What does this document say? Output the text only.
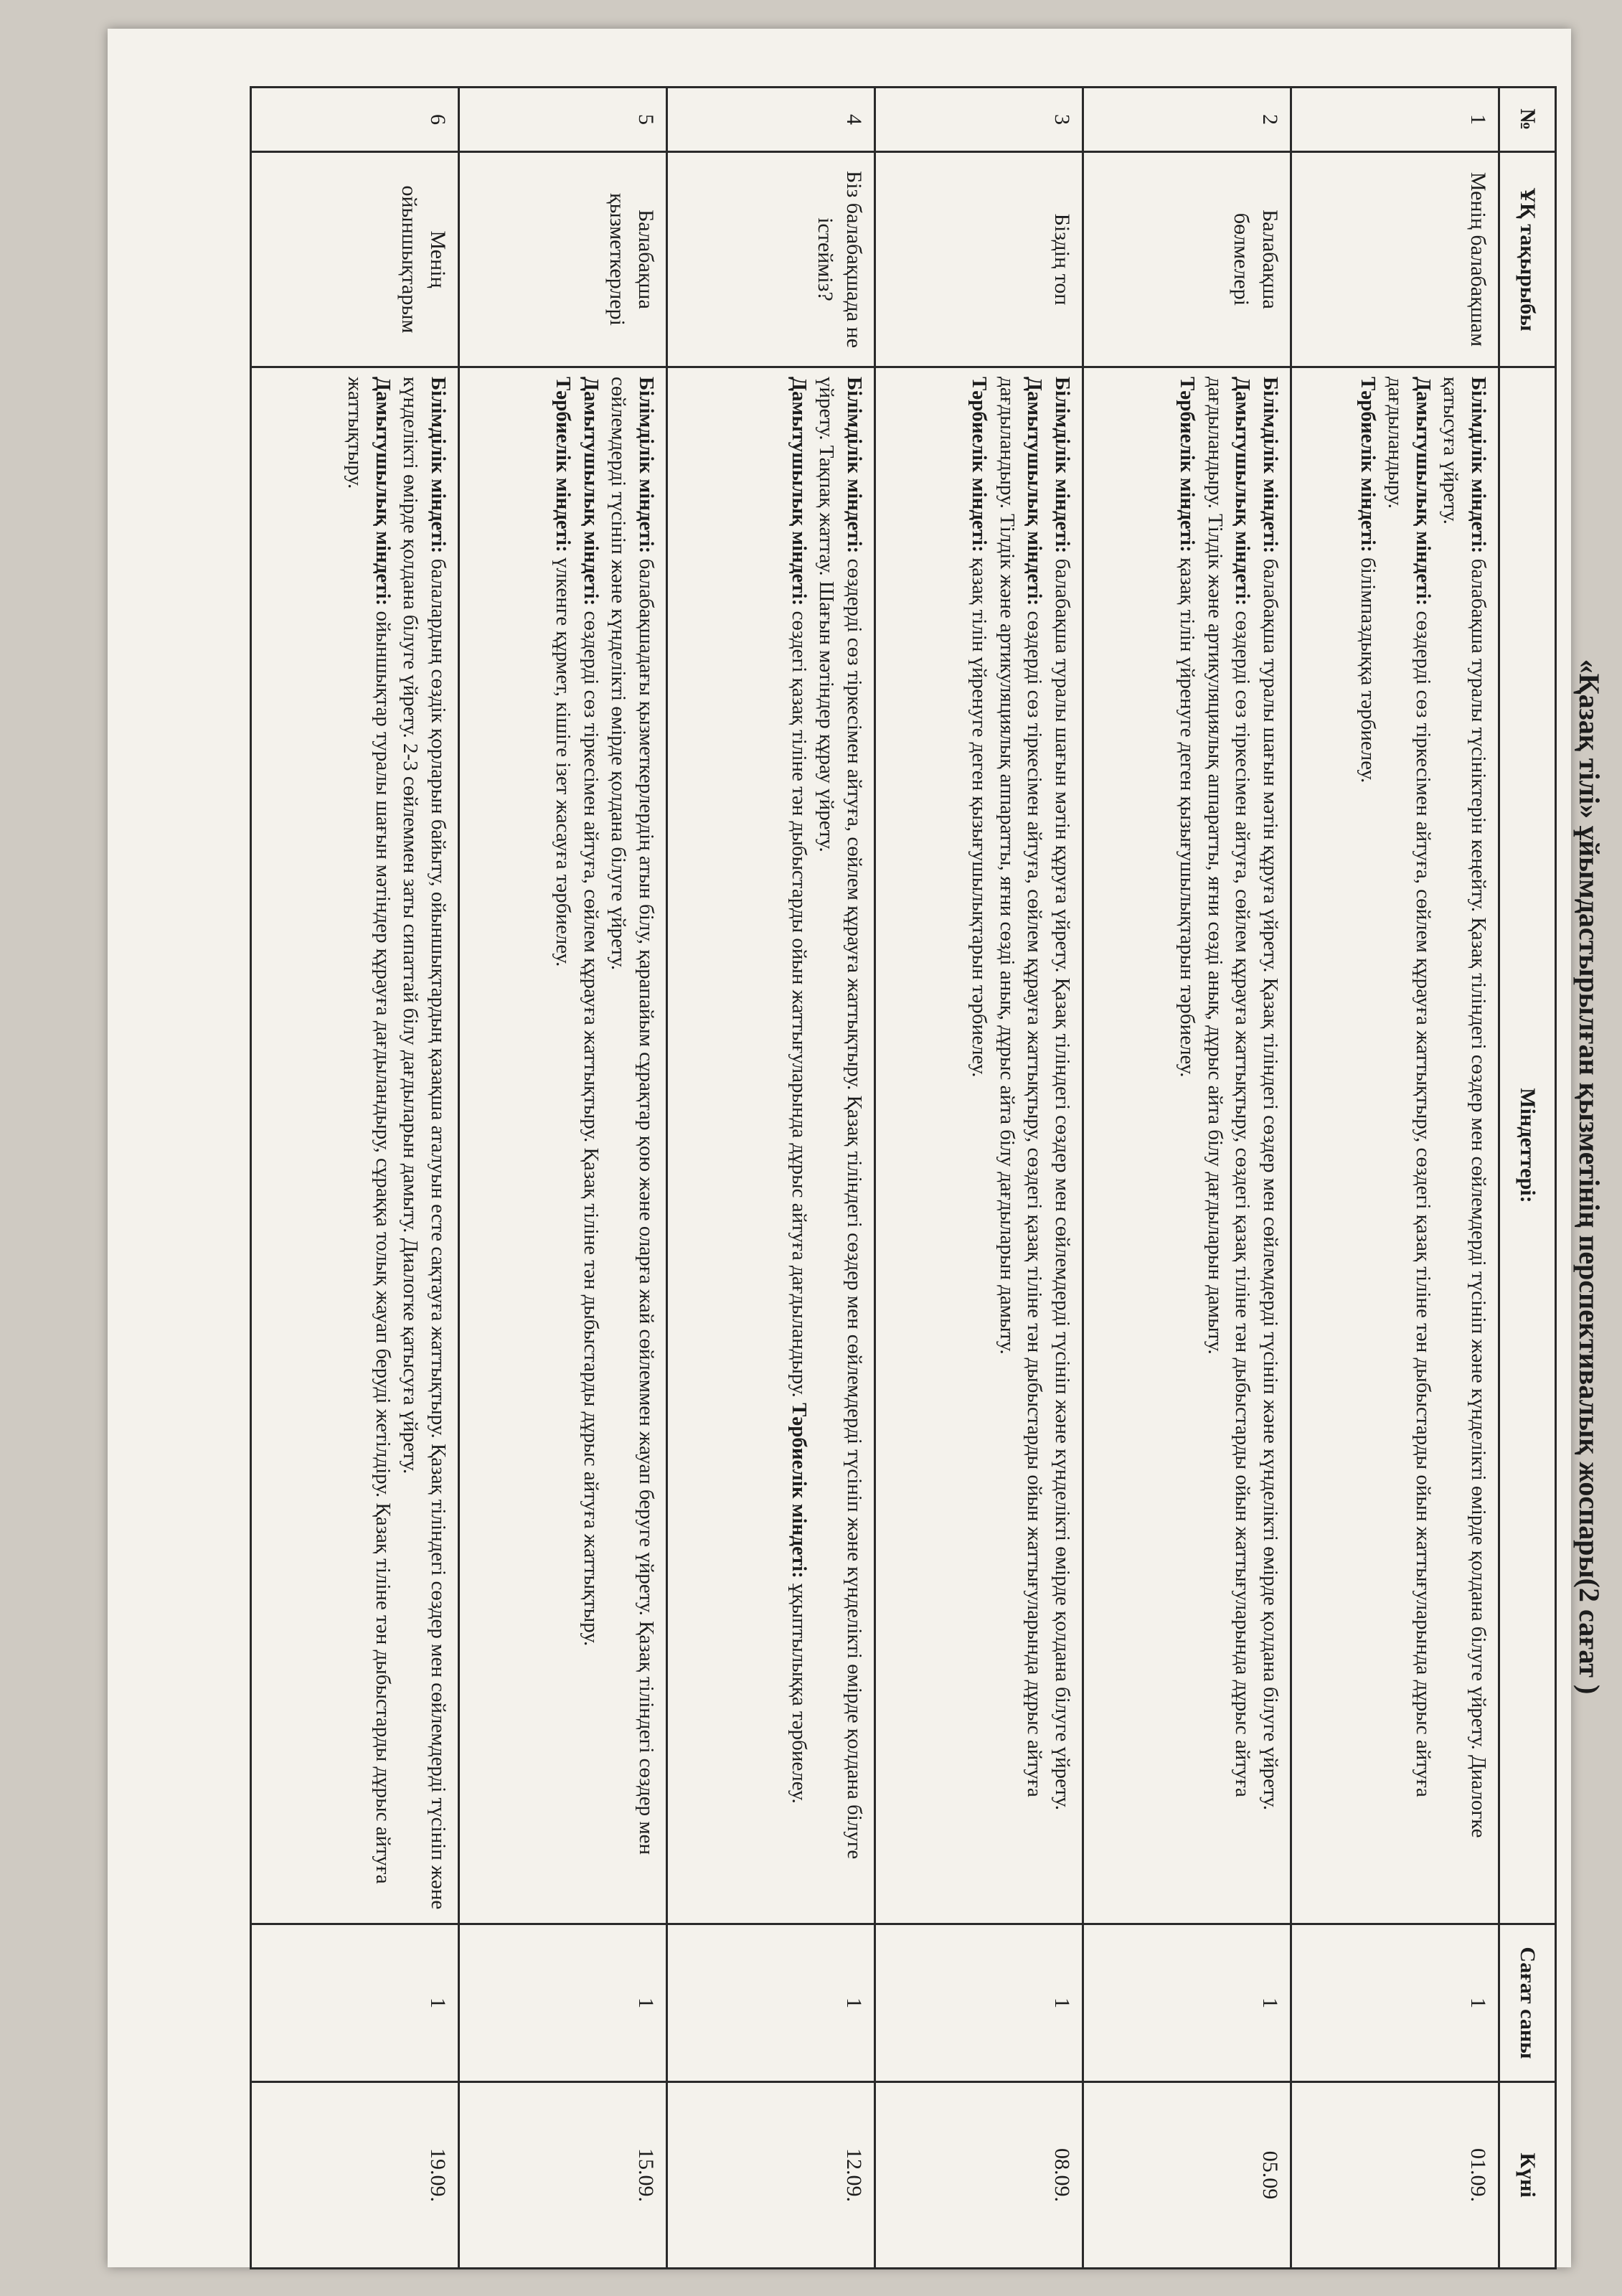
«Қазақ тілі» ұйымдастырылған қызметінің перспективалық жоспары(2 сағат )
№	ҰҚ тақырыбы	Міндеттері:	Сағат саны	Күні
1	Менің балабақшам	Білімділік міндеті: балабақша туралы түсініктерін кеңейту. Қазақ тіліндегі сөздер мен сөйлемдерді түсініп және күнделікті өмірде қолдана білуге үйрету. Диалогке қатысуға үйрету.

Дамытушылық міндеті: сөздерді сөз тіркесімен айтуға, сөйлем құрауға жаттықтыру, сөздегі қазақ тіліне тән дыбыстарды ойын жаттығуларында дұрыс айтуға дағдыландыру.

Тәрбиелік міндеті: білімпаздыққа тәрбиелеу.	1	01.09.
2	Балабақша бөлмелері	Білімділік міндеті: балабақша туралы шағын мәтін құруға үйрету. Қазақ тіліндегі сөздер мен сөйлемдерді түсініп және күнделікті өмірде қолдана білуге үйрету.

Дамытушылық міндеті: сөздерді сөз тіркесімен айтуға, сөйлем құрауға жаттықтыру, сөздегі қазақ тіліне тән дыбыстарды ойын жаттығуларында дұрыс айтуға дағдыландыру. Тілдік және артикуляциялық аппаратты, яғни сөзді анық, дұрыс айта білу дағдыларын дамыту.

Тәрбиелік міндеті: қазақ тілін үйренуге деген қызығушылықтарын тәрбиелеу.	1	05.09
3	Біздің топ	Білімділік міндеті: балабақша туралы шағын мәтін құруға үйрету. Қазақ тіліндегі сөздер мен сөйлемдерді түсініп және күнделікті өмірде қолдана білуге үйрету.

Дамытушылық міндеті: сөздерді сөз тіркесімен айтуға, сөйлем құрауға жаттықтыру, сөздегі қазақ тіліне тән дыбыстарды ойын жаттығуларында дұрыс айтуға дағдыландыру. Тілдік және артикуляциялық аппаратты, яғни сөзді анық, дұрыс айта білу дағдыларын дамыту.

Тәрбиелік міндеті: қазақ тілін үйренуге деген қызығушылықтарын тәрбиелеу.	1	08.09.
4	Біз балабақшада не істейміз?	Білімділік міндеті: сөздерді сөз тіркесімен айтуға, сөйлем құрауға жаттықтыру. Қазақ тіліндегі сөздер мен сөйлемдерді түсініп және күнделікті өмірде қолдана білуге үйрету. Тақпақ жаттау. Шағын мәтіндер құрау үйрету.

Дамытушылық міндеті: сөздегі қазақ тіліне тән дыбыстарды ойын жаттығуларында дұрыс айтуға дағдыландыру. Тәрбиелік міндеті: ұқыптылыққа тәрбиелеу.	1	12.09.
5	Балабақша қызметкерлері	Білімділік міндеті: балабақшадағы қызметкерлердің атын білу, қарапайым сұрақтар қою және оларға жай сөйлеммен жауап беруге үйрету. Қазақ тіліндегі сөздер мен сөйлемдерді түсініп және күнделікті өмірде қолдана білуге үйрету.

Дамытушылық міндеті: сөздерді сөз тіркесімен айтуға, сөйлем құрауға жаттықтыру. Қазақ тіліне тән дыбыстарды дұрыс айтуға жаттықтыру.

Тәрбиелік міндеті: үлкенге құрмет, кішіге ізет жасауға тәрбиелеу.	1	15.09.
6	Менің ойыншықтарым	Білімділік міндеті: балалардың сөздік қорларын байыту, ойыншықтардың қазақша аталуын есте сақтауға жаттықтыру. Қазақ тіліндегі сөздер мен сөйлемдерді түсініп және күнделікті өмірде қолдана білуге үйрету. 2-3 сөйлеммен заты сипаттай білу дағдыларын дамыту. Диалогке қатысуға үйрету.

Дамытушылық міндеті: ойыншықтар туралы шағын мәтіндер құрауға дағдыландыру, сұраққа толық жауап беруді жетілдіру. Қазақ тіліне тән дыбыстарды дұрыс айтуға жаттықтыру.	1	19.09.
